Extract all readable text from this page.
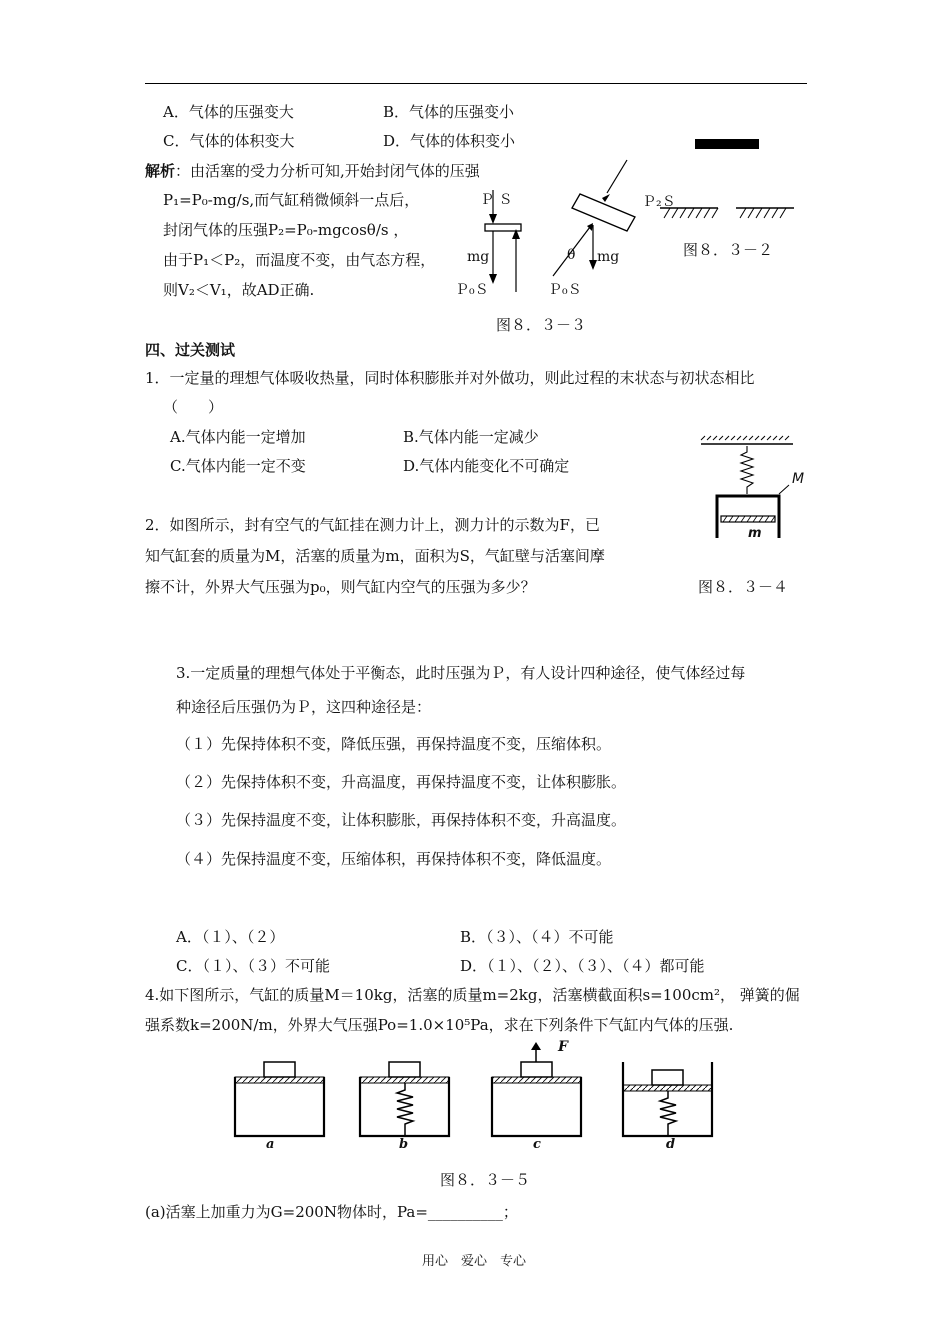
A．气体的压强变大	B．气体的压强变小
C．气体的体积变大	D．气体的体积变小
解析：由活塞的受力分析可知,开始封闭气体的压强
P₁=P₀-mg/s,而气缸稍微倾斜一点后，
封闭气体的压强P₂=P₀-mgcosθ/s ，
由于P₁＜P₂，而温度不变，由气态方程，
则V₂＜V₁，故AD正确.
Ｐ Ｓ
mg
Ｐ₀Ｓ
θ mg
Ｐ₀Ｓ
图８．３－３
Ｐ₂Ｓ
图８．３－２
四、过关测试
1．一定量的理想气体吸收热量，同时体积膨胀并对外做功，则此过程的末状态与初状态相比
（　　）
A.气体内能一定增加	B.气体内能一定减少
C.气体内能一定不变	D.气体内能变化不可确定
M
m
图８．３－４
2．如图所示，封有空气的气缸挂在测力计上，测力计的示数为F，已
知气缸套的质量为M，活塞的质量为m，面积为S，气缸壁与活塞间摩
擦不计，外界大气压强为p₀，则气缸内空气的压强为多少？
3.一定质量的理想气体处于平衡态，此时压强为Ｐ，有人设计四种途径，使气体经过每
种途径后压强仍为Ｐ，这四种途径是：
（１）先保持体积不变，降低压强，再保持温度不变，压缩体积。
（２）先保持体积不变，升高温度，再保持温度不变，让体积膨胀。
（３）先保持温度不变，让体积膨胀，再保持体积不变，升高温度。
（４）先保持温度不变，压缩体积，再保持体积不变，降低温度。
A．（１）、（２）	B．（３）、（４）不可能
C．（１）、（３）不可能	D．（１）、（２）、（３）、（４）都可能
4.如下图所示，气缸的质量M＝10kg，活塞的质量m=2kg，活塞横截面积s=100cm²， 弹簧的倔
强系数k=200N/m，外界大气压强Po=1.0×10⁵Pa，求在下列条件下气缸内气体的压强.
a	b	c	d
F
图８．３－５
(a)活塞上加重力为G=200N物体时，Pa=__________；
用心　爱心　专心
